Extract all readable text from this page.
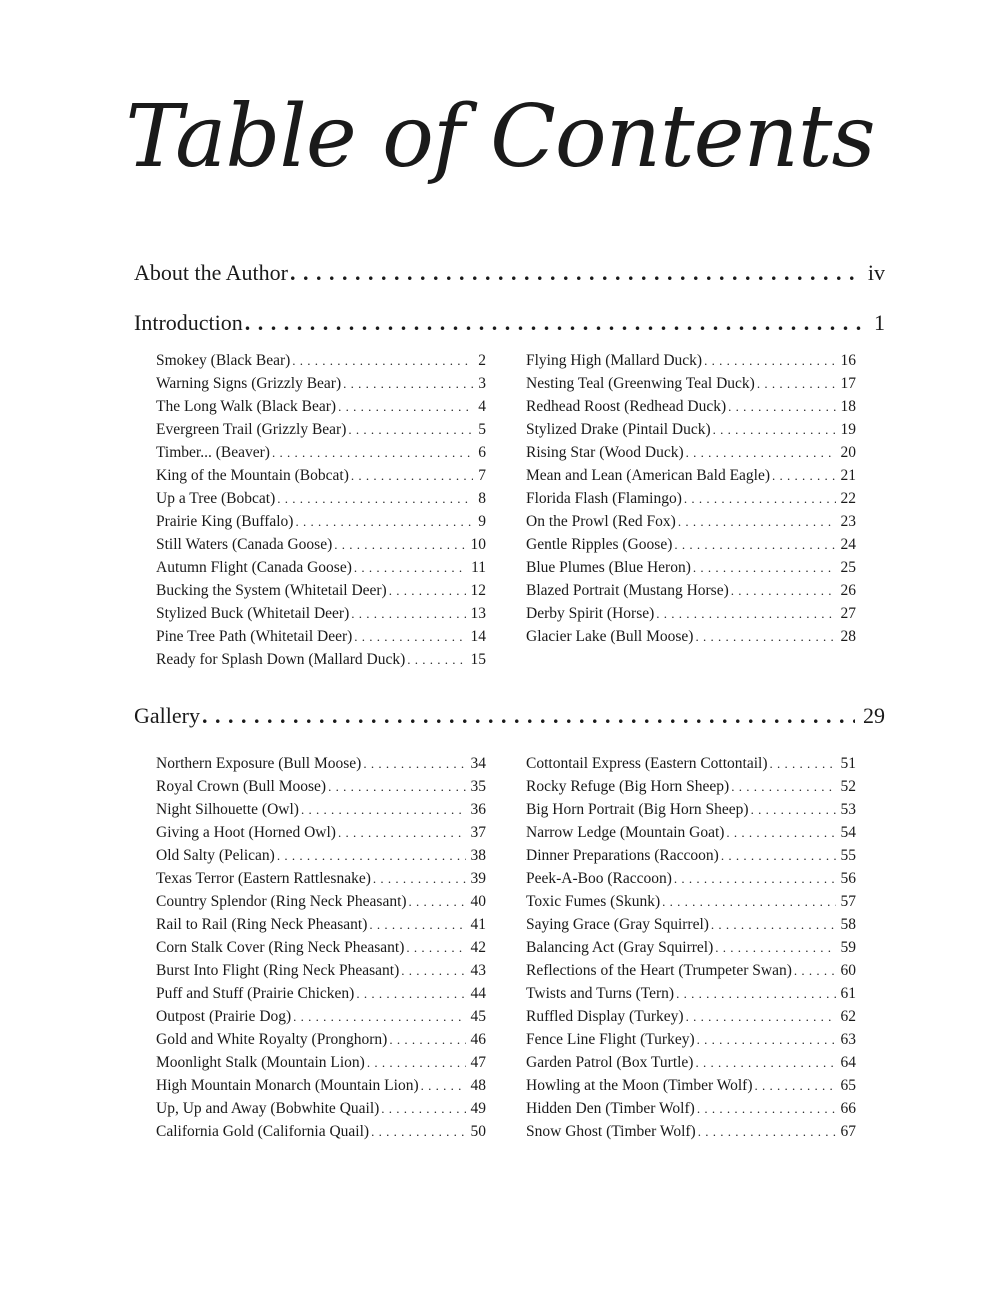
Table of Contents
About the Author . . .	iv
Introduction . . .	1
Smokey (Black Bear) . . .	2
Warning Signs (Grizzly Bear) . . .	3
The Long Walk (Black Bear) . . .	4
Evergreen Trail (Grizzly Bear) . . .	5
Timber... (Beaver) . . .	6
King of the Mountain (Bobcat) . . .	7
Up a Tree (Bobcat) . . .	8
Prairie King (Buffalo) . . .	9
Still Waters (Canada Goose) . . .	10
Autumn Flight (Canada Goose) . . .	11
Bucking the System (Whitetail Deer) . . .	12
Stylized Buck (Whitetail Deer) . . .	13
Pine Tree Path (Whitetail Deer) . . .	14
Ready for Splash Down (Mallard Duck) . . .	15
Flying High (Mallard Duck) . . .	16
Nesting Teal (Greenwing Teal Duck) . . .	17
Redhead Roost (Redhead Duck) . . .	18
Stylized Drake (Pintail Duck) . . .	19
Rising Star (Wood Duck) . . .	20
Mean and Lean (American Bald Eagle) . . .	21
Florida Flash (Flamingo) . . .	22
On the Prowl (Red Fox) . . .	23
Gentle Ripples (Goose) . . .	24
Blue Plumes (Blue Heron) . . .	25
Blazed Portrait (Mustang Horse) . . .	26
Derby Spirit (Horse) . . .	27
Glacier Lake (Bull Moose) . . .	28
Gallery . . .	29
Northern Exposure (Bull Moose) . . .	34
Royal Crown (Bull Moose) . . .	35
Night Silhouette (Owl) . . .	36
Giving a Hoot (Horned Owl) . . .	37
Old Salty (Pelican) . . .	38
Texas Terror (Eastern Rattlesnake) . . .	39
Country Splendor (Ring Neck Pheasant) . . .	40
Rail to Rail (Ring Neck Pheasant) . . .	41
Corn Stalk Cover (Ring Neck Pheasant) . . .	42
Burst Into Flight (Ring Neck Pheasant) . . .	43
Puff and Stuff (Prairie Chicken) . . .	44
Outpost (Prairie Dog) . . .	45
Gold and White Royalty (Pronghorn) . . .	46
Moonlight Stalk (Mountain Lion) . . .	47
High Mountain Monarch (Mountain Lion) . . .	48
Up, Up and Away (Bobwhite Quail) . . .	49
California Gold (California Quail) . . .	50
Cottontail Express (Eastern Cottontail) . . .	51
Rocky Refuge (Big Horn Sheep) . . .	52
Big Horn Portrait (Big Horn Sheep) . . .	53
Narrow Ledge (Mountain Goat) . . .	54
Dinner Preparations (Raccoon) . . .	55
Peek-A-Boo (Raccoon) . . .	56
Toxic Fumes (Skunk) . . .	57
Saying Grace (Gray Squirrel) . . .	58
Balancing Act (Gray Squirrel) . . .	59
Reflections of the Heart (Trumpeter Swan) . . .	60
Twists and Turns (Tern) . . .	61
Ruffled Display (Turkey) . . .	62
Fence Line Flight (Turkey) . . .	63
Garden Patrol (Box Turtle) . . .	64
Howling at the Moon (Timber Wolf) . . .	65
Hidden Den (Timber Wolf) . . .	66
Snow Ghost (Timber Wolf) . . .	67
